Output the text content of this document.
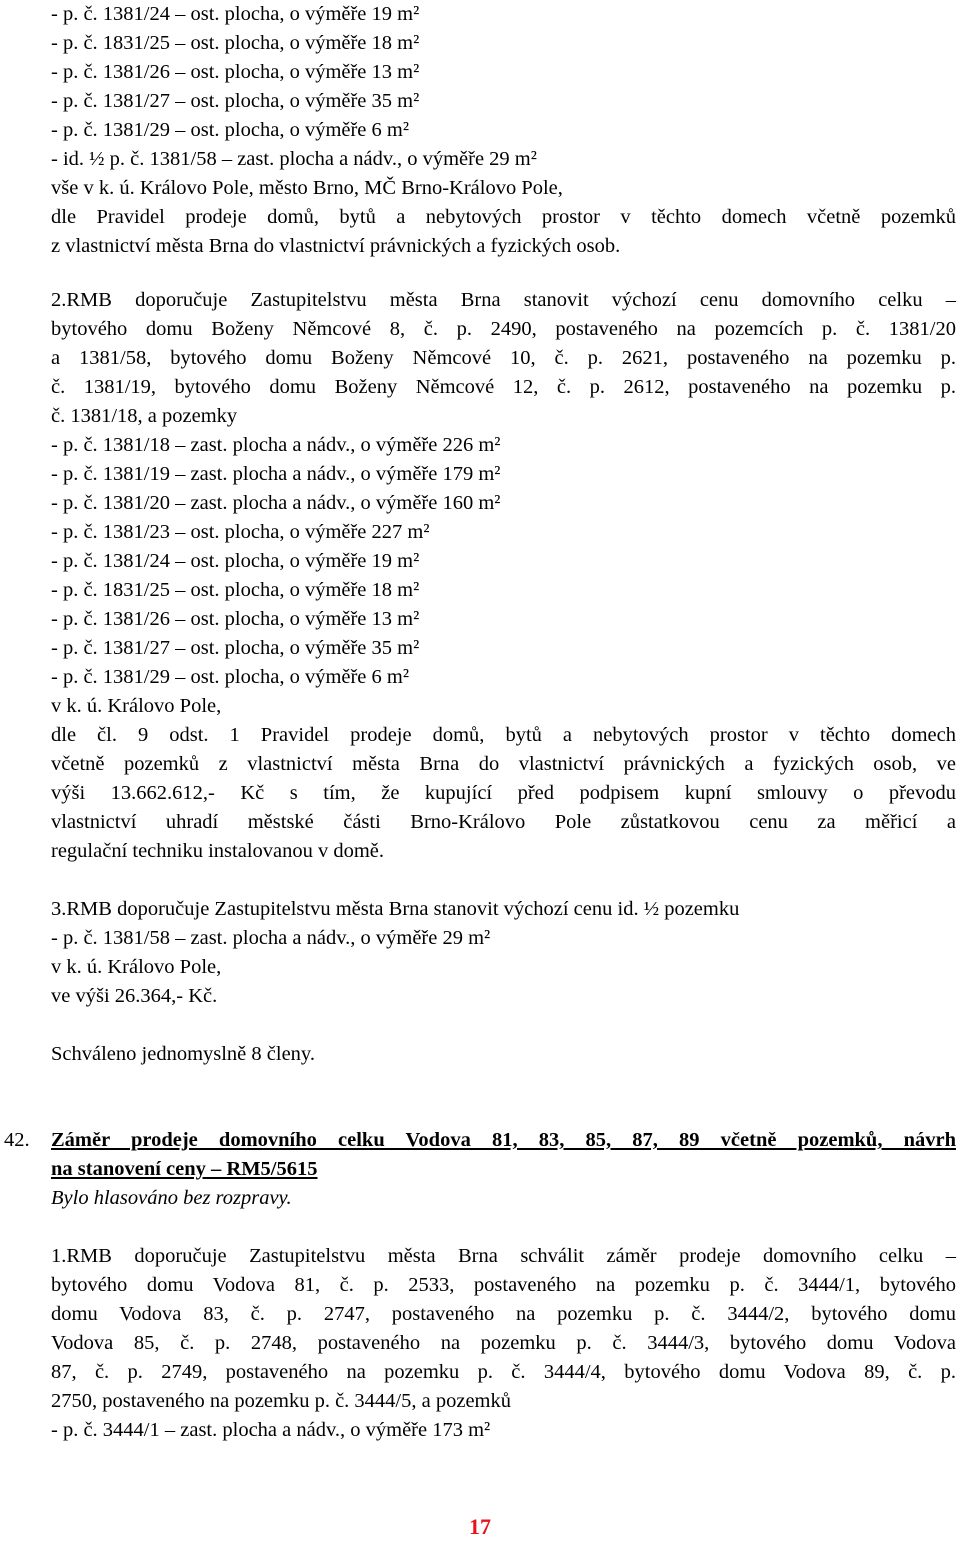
- p. č. 1381/24 – ost. plocha, o výměře 19 m²
- p. č. 1831/25 – ost. plocha, o výměře 18 m²
- p. č. 1381/26 – ost. plocha, o výměře 13 m²
- p. č. 1381/27 – ost. plocha, o výměře 35 m²
- p. č. 1381/29 – ost. plocha, o výměře 6 m²
- id. ½ p. č. 1381/58 – zast. plocha a nádv., o výměře 29 m²
vše v k. ú. Královo Pole, město Brno, MČ Brno-Královo Pole,
dle Pravidel prodeje domů, bytů a nebytových prostor v těchto domech včetně pozemků
z vlastnictví města Brna do vlastnictví právnických a fyzických osob.
2.RMB doporučuje Zastupitelstvu města Brna stanovit výchozí cenu domovního celku –
bytového domu Boženy Němcové 8, č. p. 2490, postaveného na pozemcích p. č. 1381/20
a 1381/58, bytového domu Boženy Němcové 10, č. p. 2621, postaveného na pozemku p.
č. 1381/19, bytového domu Boženy Němcové 12, č. p. 2612, postaveného na pozemku p.
č. 1381/18, a pozemky
- p. č. 1381/18 – zast. plocha a nádv., o výměře 226 m²
- p. č. 1381/19 – zast. plocha a nádv., o výměře 179 m²
- p. č. 1381/20 – zast. plocha a nádv., o výměře 160 m²
- p. č. 1381/23 – ost. plocha, o výměře 227 m²
- p. č. 1381/24 – ost. plocha, o výměře 19 m²
- p. č. 1831/25 – ost. plocha, o výměře 18 m²
- p. č. 1381/26 – ost. plocha, o výměře 13 m²
- p. č. 1381/27 – ost. plocha, o výměře 35 m²
- p. č. 1381/29 – ost. plocha, o výměře 6 m²
v k. ú. Královo Pole,
dle čl. 9 odst. 1 Pravidel prodeje domů, bytů a nebytových prostor v těchto domech
včetně pozemků z vlastnictví města Brna do vlastnictví právnických a fyzických osob, ve
výši 13.662.612,- Kč s tím, že kupující před podpisem kupní smlouvy o převodu
vlastnictví uhradí městské části Brno-Královo Pole zůstatkovou cenu za měřicí a
regulační techniku instalovanou v domě.
3.RMB doporučuje Zastupitelstvu města Brna stanovit výchozí cenu id. ½ pozemku
- p. č. 1381/58 – zast. plocha a nádv., o výměře 29 m²
v k. ú. Královo Pole,
ve výši 26.364,- Kč.
Schváleno jednomyslně 8 členy.
42. Záměr prodeje domovního celku Vodova 81, 83, 85, 87, 89 včetně pozemků, návrh
na stanovení ceny – RM5/5615
Bylo hlasováno bez rozpravy.
1.RMB doporučuje Zastupitelstvu města Brna schválit záměr prodeje domovního celku –
bytového domu Vodova 81, č. p. 2533, postaveného na pozemku p. č. 3444/1, bytového
domu Vodova 83, č. p. 2747, postaveného na pozemku p. č. 3444/2, bytového domu
Vodova 85, č. p. 2748, postaveného na pozemku p. č. 3444/3, bytového domu Vodova
87, č. p. 2749, postaveného na pozemku p. č. 3444/4, bytového domu Vodova 89, č. p.
2750, postaveného na pozemku p. č. 3444/5, a pozemků
- p. č. 3444/1 – zast. plocha a nádv., o výměře 173 m²
17
